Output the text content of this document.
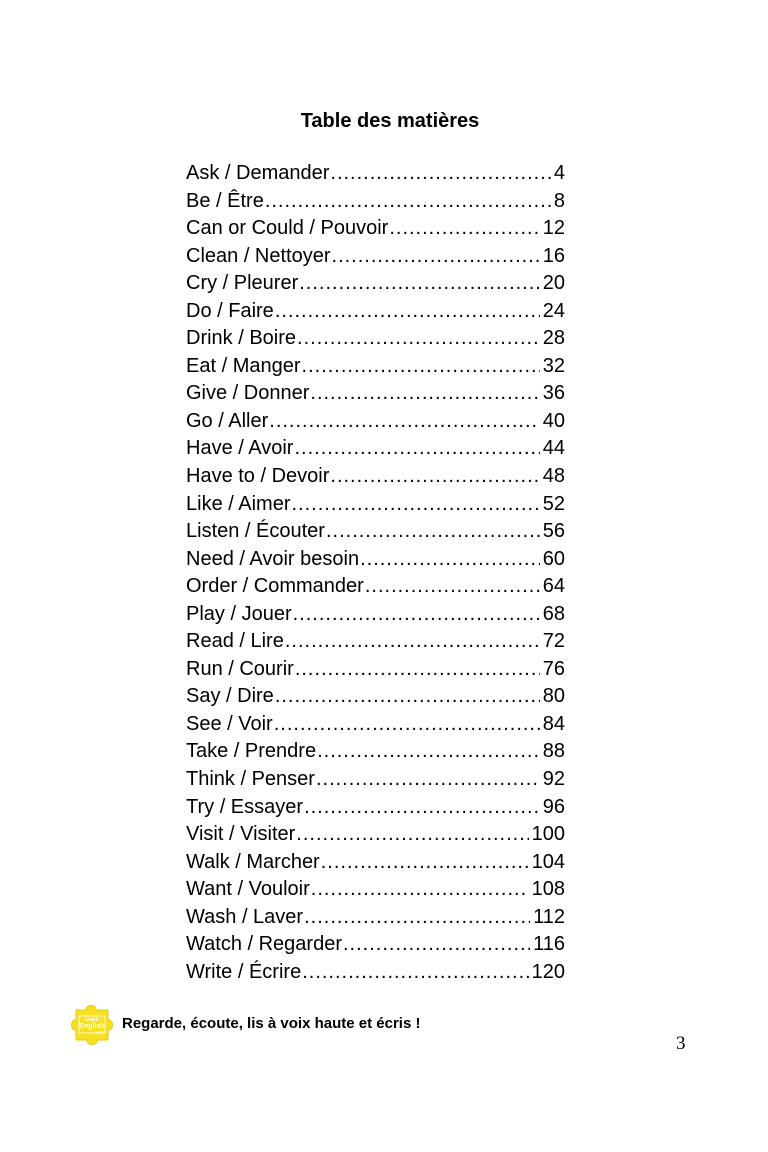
Table des matières
Ask / Demander .....	4
Be / Être .....	8
Can or Could / Pouvoir .....	12
Clean / Nettoyer .....	16
Cry / Pleurer .....	20
Do / Faire .....	24
Drink / Boire .....	28
Eat / Manger .....	32
Give / Donner .....	36
Go / Aller .....	40
Have / Avoir .....	44
Have to / Devoir .....	48
Like / Aimer .....	52
Listen / Écouter .....	56
Need / Avoir besoin .....	60
Order / Commander .....	64
Play / Jouer .....	68
Read / Lire .....	72
Run / Courir .....	76
Say / Dire .....	80
See / Voir .....	84
Take / Prendre .....	88
Think / Penser .....	92
Try / Essayer .....	96
Visit / Visiter .....	100
Walk / Marcher .....	104
Want / Vouloir .....	108
Wash / Laver .....	112
Watch / Regarder .....	116
Write / Écrire .....	120
Learn
English
FAST
Regarde, écoute, lis à voix haute et écris !
3
